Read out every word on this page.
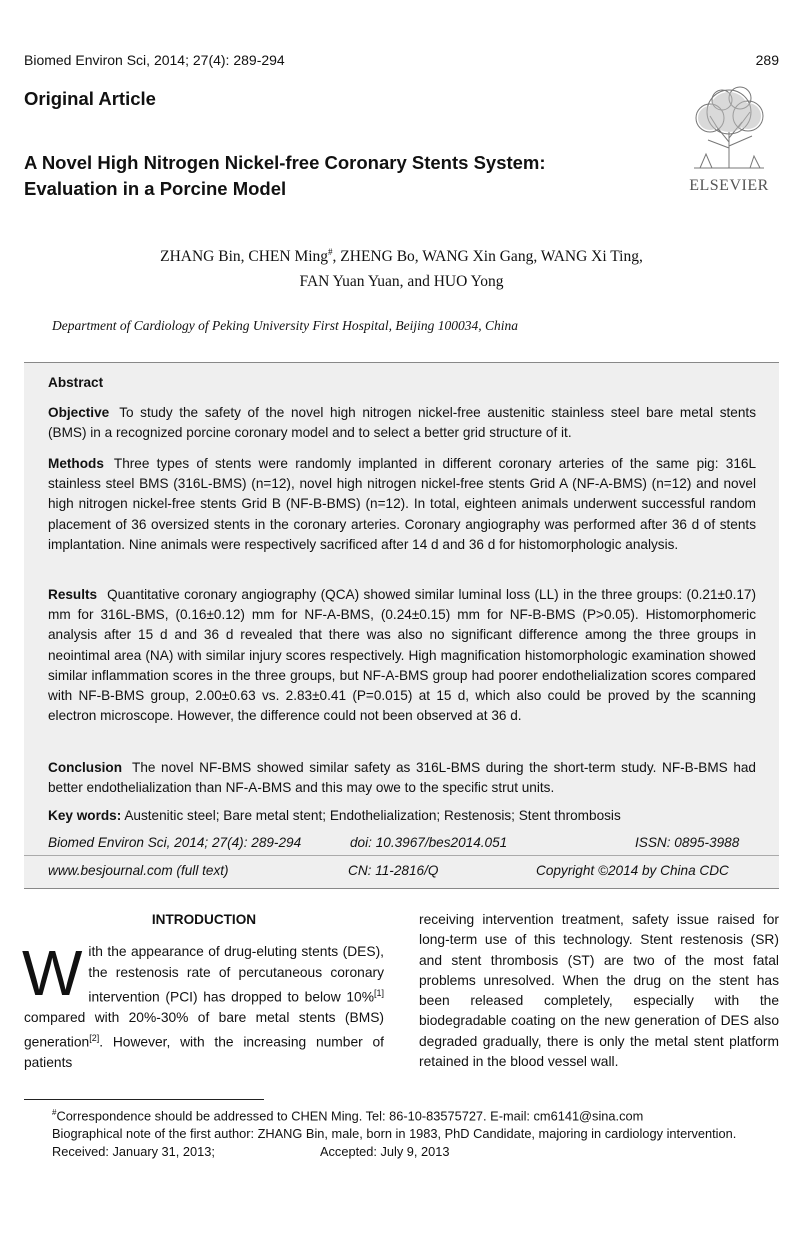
Biomed Environ Sci, 2014; 27(4): 289-294	289
Original Article
A Novel High Nitrogen Nickel-free Coronary Stents System:
Evaluation in a Porcine Model	ELSEVIER
ZHANG Bin, CHEN Ming#, ZHENG Bo, WANG Xin Gang, WANG Xi Ting,
FAN Yuan Yuan, and HUO Yong
Department of Cardiology of Peking University First Hospital, Beijing 100034, China
Abstract
Objective To study the safety of the novel high nitrogen nickel-free austenitic stainless steel bare metal stents (BMS) in a recognized porcine coronary model and to select a better grid structure of it.
Methods Three types of stents were randomly implanted in different coronary arteries of the same pig: 316L stainless steel BMS (316L-BMS) (n=12), novel high nitrogen nickel-free stents Grid A (NF-A-BMS) (n=12) and novel high nitrogen nickel-free stents Grid B (NF-B-BMS) (n=12). In total, eighteen animals underwent successful random placement of 36 oversized stents in the coronary arteries. Coronary angiography was performed after 36 d of stents implantation. Nine animals were respectively sacrificed after 14 d and 36 d for histomorphologic analysis.
Results Quantitative coronary angiography (QCA) showed similar luminal loss (LL) in the three groups: (0.21±0.17) mm for 316L-BMS, (0.16±0.12) mm for NF-A-BMS, (0.24±0.15) mm for NF-B-BMS (P>0.05). Histomorphomeric analysis after 15 d and 36 d revealed that there was also no significant difference among the three groups in neointimal area (NA) with similar injury scores respectively. High magnification histomorphologic examination showed similar inflammation scores in the three groups, but NF-A-BMS group had poorer endothelialization scores compared with NF-B-BMS group, 2.00±0.63 vs. 2.83±0.41 (P=0.015) at 15 d, which also could be proved by the scanning electron microscope. However, the difference could not been observed at 36 d.
Conclusion The novel NF-BMS showed similar safety as 316L-BMS during the short-term study. NF-B-BMS had better endothelialization than NF-A-BMS and this may owe to the specific strut units.
Key words: Austenitic steel; Bare metal stent; Endothelialization; Restenosis; Stent thrombosis
Biomed Environ Sci, 2014; 27(4): 289-294	doi: 10.3967/bes2014.051	ISSN: 0895-3988
www.besjournal.com (full text)	CN: 11-2816/Q	Copyright ©2014 by China CDC
INTRODUCTION
With the appearance of drug-eluting stents (DES), the restenosis rate of percutaneous coronary intervention (PCI) has dropped to below 10%[1] compared with 20%-30% of bare metal stents (BMS) generation[2]. However, with the increasing number of patients
receiving intervention treatment, safety issue raised for long-term use of this technology. Stent restenosis (SR) and stent thrombosis (ST) are two of the most fatal problems unresolved. When the drug on the stent has been released completely, especially with the biodegradable coating on the new generation of DES also degraded gradually, there is only the metal stent platform retained in the blood vessel wall.

#Correspondence should be addressed to CHEN Ming. Tel: 86-10-83575727. E-mail: cm6141@sina.com

Biographical note of the first author: ZHANG Bin, male, born in 1983, PhD Candidate, majoring in cardiology intervention.

Received: January 31, 2013;	Accepted: July 9, 2013
